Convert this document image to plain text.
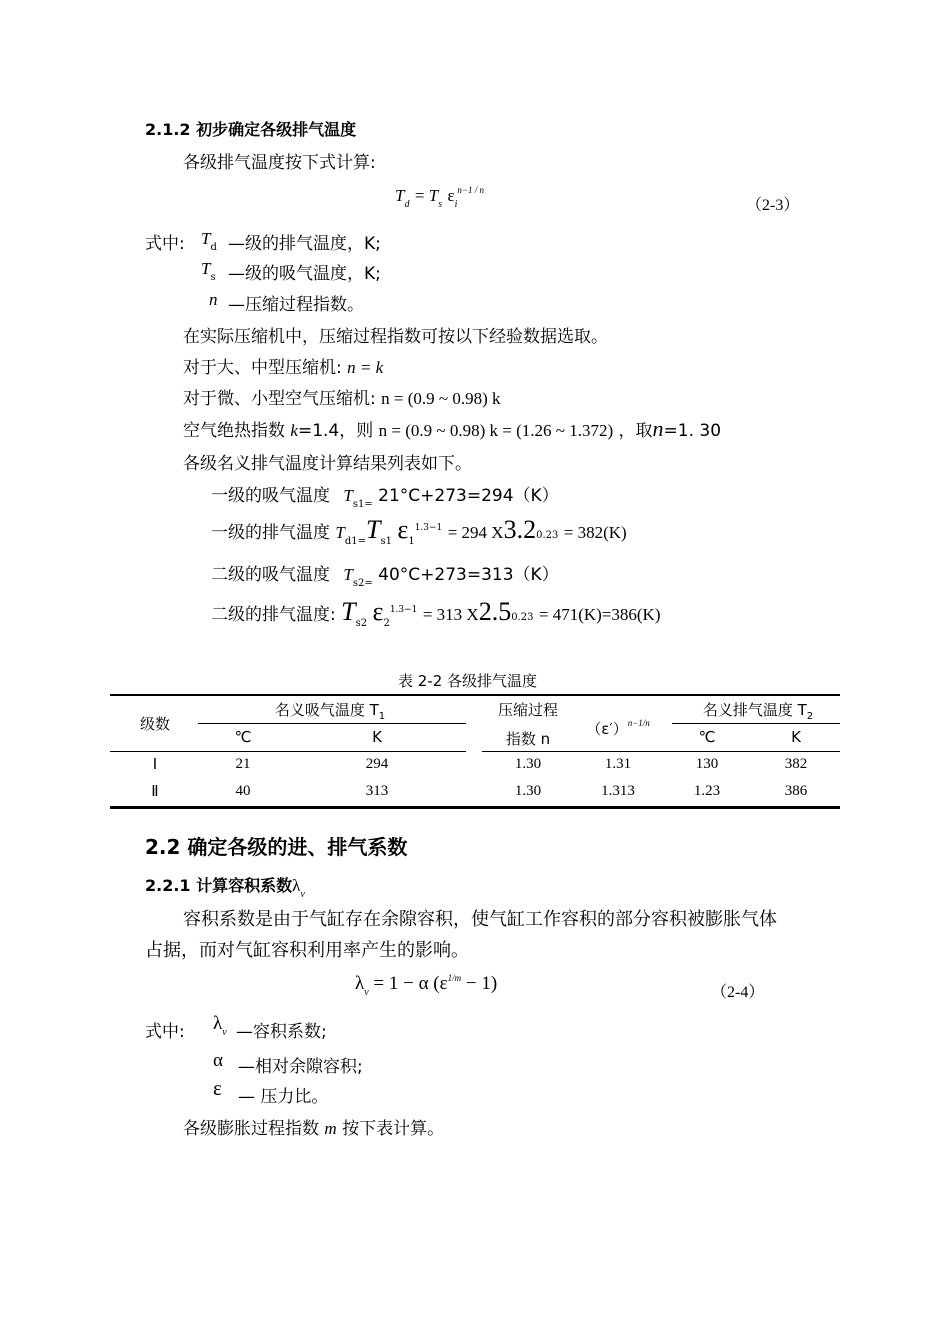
2.1.2 初步确定各级排气温度
各级排气温度按下式计算:
$T_d = T_s$ $\varepsilon_i^{n-1 / n}$
（2-3）
式中: $T_d$ —级的排气温度，K;
$T_s$ —级的吸气温度，K;
n —压缩过程指数。
在实际压缩机中，压缩过程指数可按以下经验数据选取。
对于大、中型压缩机: n = k
对于微、小型空气压缩机: n = (0.9 ~ 0.98) k
空气绝热指数 k=1.4，则 n = (0.9 ~ 0.98) k = (1.26 ~ 1.372) ，取n=1. 30
各级名义排气温度计算结果列表如下。
一级的吸气温度 $T_{s1=}$ 21°C+273=294（K）
一级的排气温度 $T_{d1=}T_{s1}$ $\varepsilon_1^{1.3-1} = 294$ X3.20.23 = 382(K)
二级的吸气温度 $T_{s2=}$ 40°C+273=313（K）
二级的排气温度: $T_{s2}$ $\varepsilon_2^{1.3-1} = 313$ X2.50.23 = 471(K)=386(K)
表 2-2 各级排气温度
级数
名义吸气温度 $T_1$
℃	K
压缩过程
指数 n
$(\varepsilon')^{n-1/n}$
名义排气温度 $T_2$
℃	K
Ⅰ	21	294	1.30	1.31	130	382
Ⅱ	40	313	1.30	1.313	1.23	386
2.2 确定各级的进、排气系数
2.2.1 计算容积系数$\lambda_v$
容积系数是由于气缸存在余隙容积，使气缸工作容积的部分容积被膨胀气体
占据，而对气缸容积利用率产生的影响。
$\lambda_v = 1 - \alpha$ $(\varepsilon^{1/m} - 1)$	（2-4）
式中: $\lambda_v$ —容积系数;
α —相对余隙容积;
ε — 压力比。
各级膨胀过程指数 m 按下表计算。
